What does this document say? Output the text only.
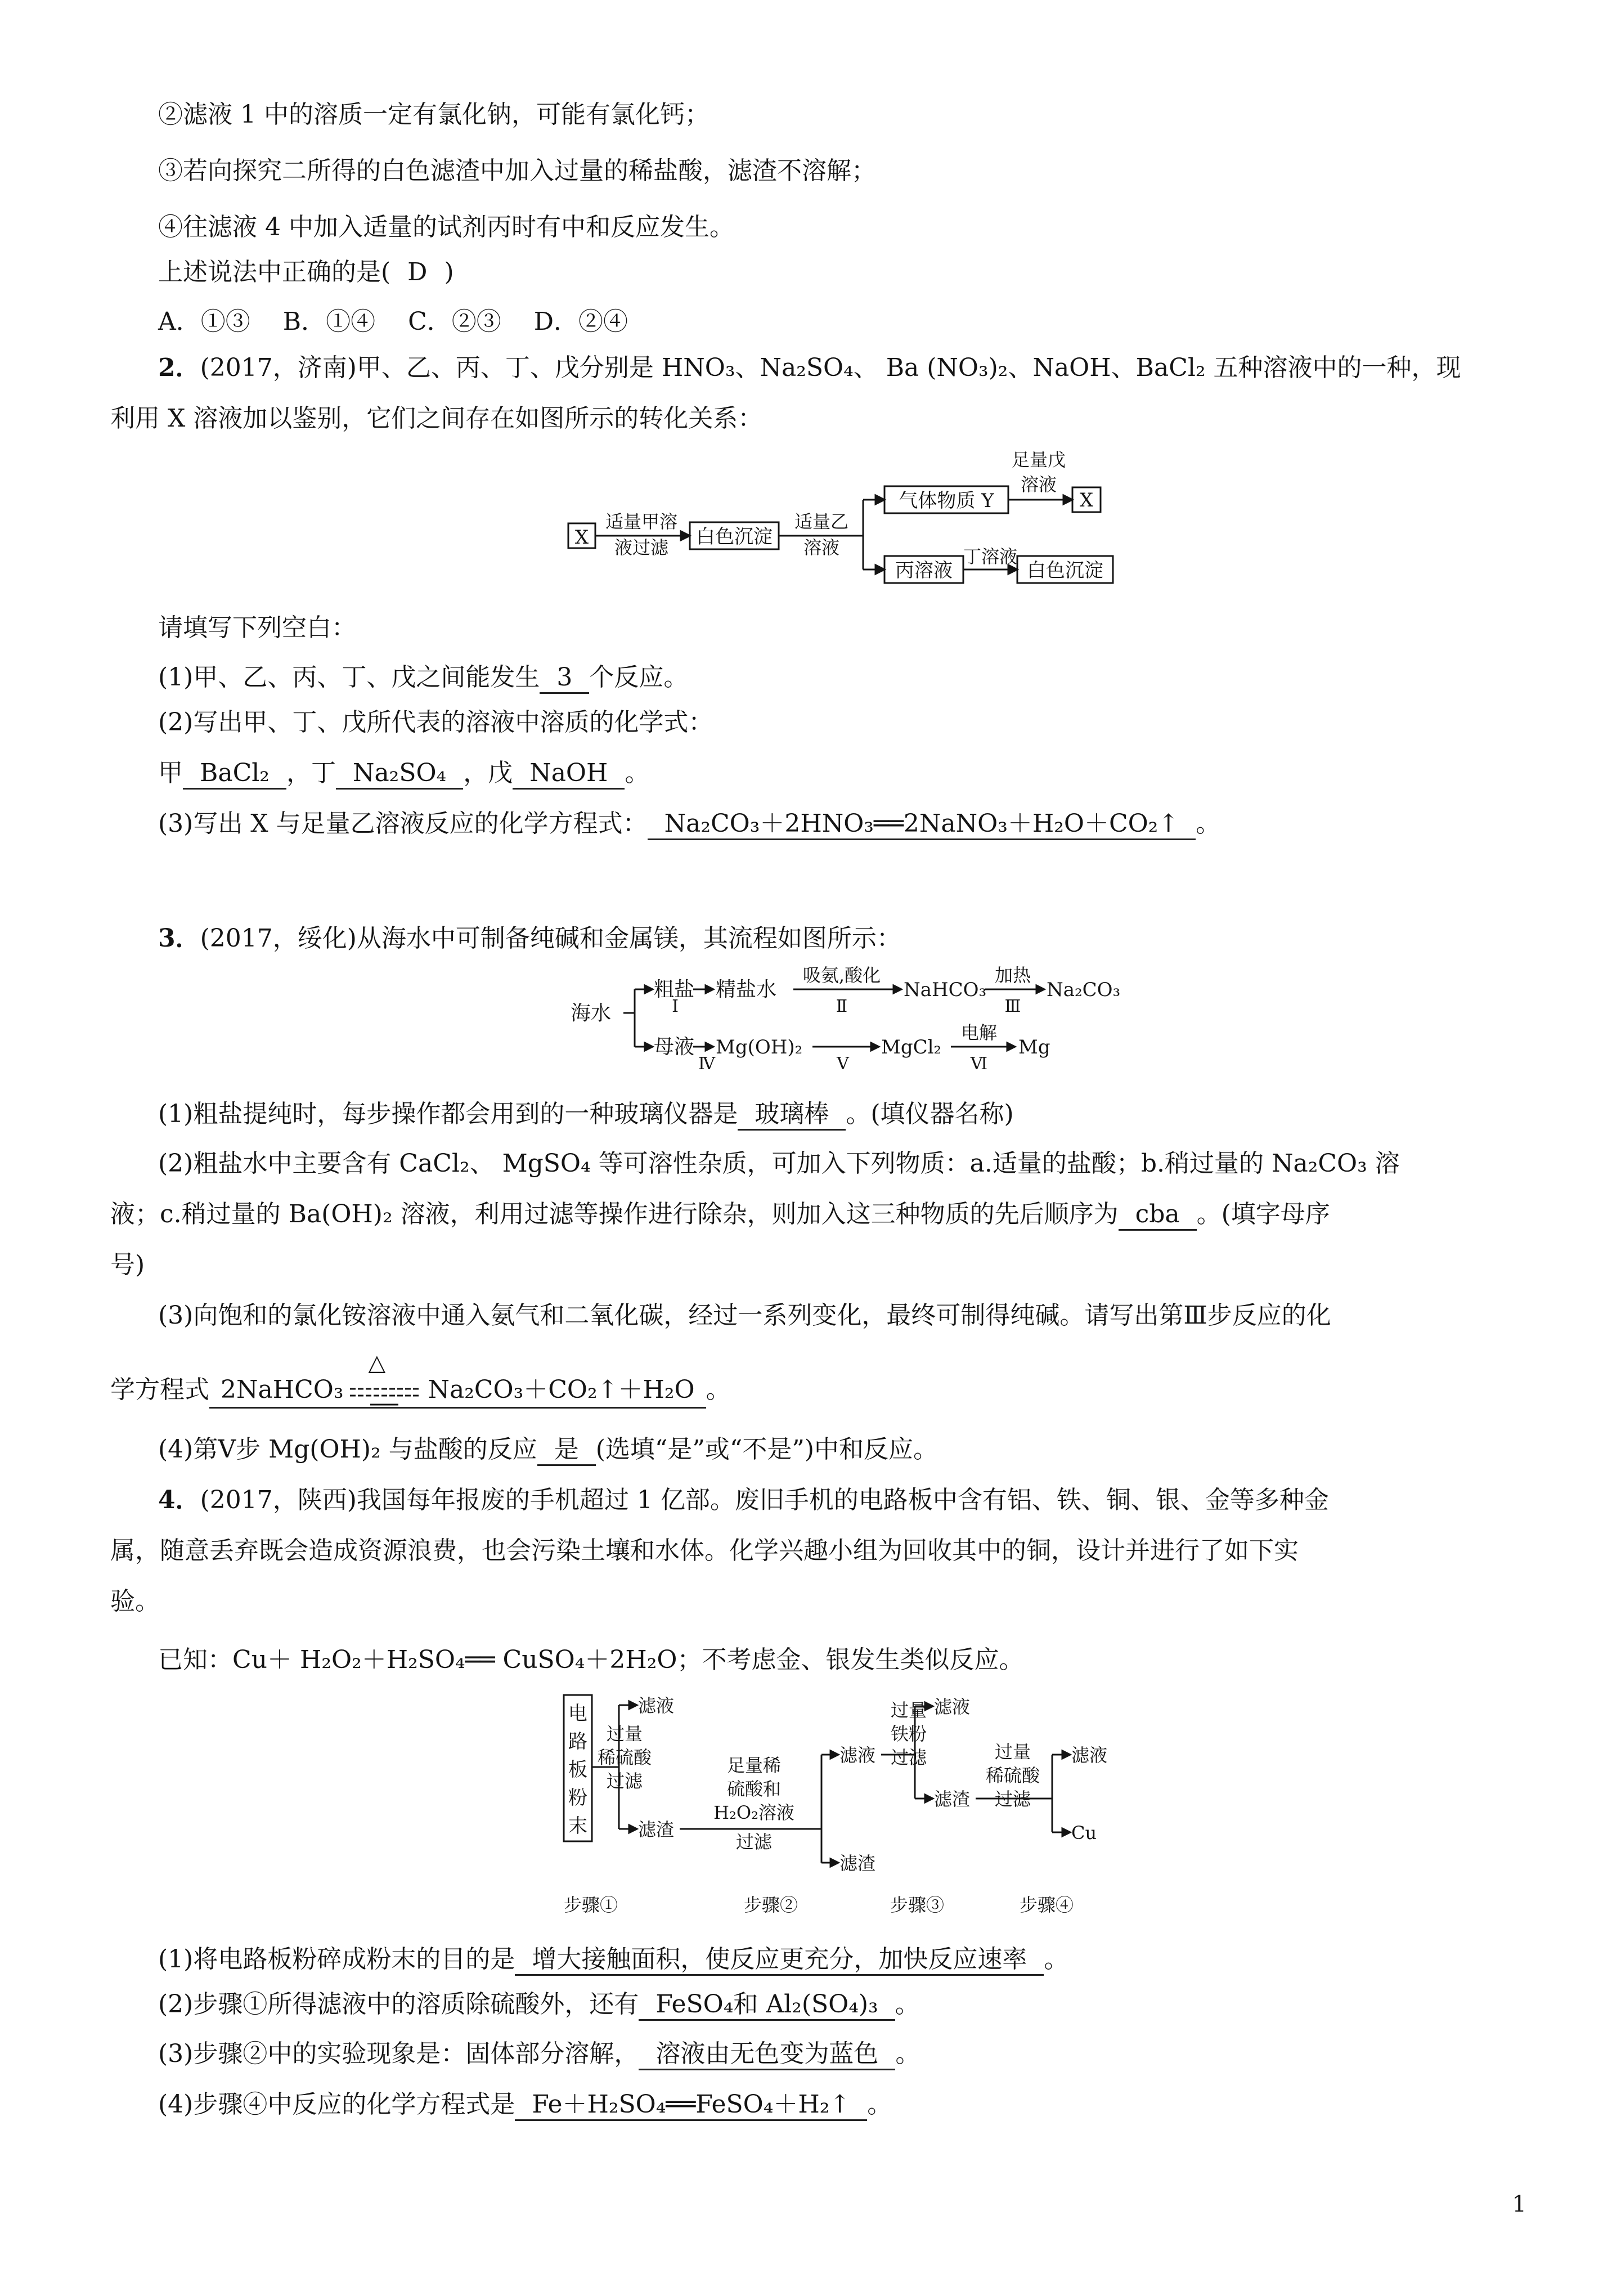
②滤液 1 中的溶质一定有氯化钠，可能有氯化钙；
③若向探究二所得的白色滤渣中加入过量的稀盐酸，滤渣不溶解；
④往滤液 4 中加入适量的试剂丙时有中和反应发生。
上述说法中正确的是( D )
A．①③　 B．①④　 C．②③　 D．②④
2．(2017，济南)甲、乙、丙、丁、戊分别是 HNO₃、Na₂SO₄、 Ba (NO₃)₂、NaOH、BaCl₂ 五种溶液中的一种，现
利用 X 溶液加以鉴别，它们之间存在如图所示的转化关系：
X
适量甲溶
液过滤 白色沉淀
适量乙
溶液
气体物质 Y
足量戊
溶液
X
丙溶液
丁溶液
白色沉淀
请填写下列空白：
(1)甲、乙、丙、丁、戊之间能发生 3 个反应。
(2)写出甲、丁、戊所代表的溶液中溶质的化学式：
甲 BaCl₂ ，丁 Na₂SO₄ ，戊 NaOH 。
(3)写出 X 与足量乙溶液反应的化学方程式： Na₂CO₃＋2HNO₃══2NaNO₃＋H₂O＋CO₂↑ 。
3．(2017，绥化)从海水中可制备纯碱和金属镁，其流程如图所示：
海水
粗盐
Ⅰ
精盐水
吸氨,酸化
Ⅱ
NaHCO₃
加热
Ⅲ
Na₂CO₃
母液
Ⅳ
Mg(OH)₂
Ⅴ
MgCl₂
电解
Ⅵ
Mg
(1)粗盐提纯时，每步操作都会用到的一种玻璃仪器是 玻璃棒 。(填仪器名称)
(2)粗盐水中主要含有 CaCl₂、 MgSO₄ 等可溶性杂质，可加入下列物质：a.适量的盐酸；b.稍过量的 Na₂CO₃ 溶
液；c.稍过量的 Ba(OH)₂ 溶液，利用过滤等操作进行除杂，则加入这三种物质的先后顺序为 cba 。(填字母序
号)
(3)向饱和的氯化铵溶液中通入氨气和二氧化碳，经过一系列变化，最终可制得纯碱。请写出第Ⅲ步反应的化
学方程式 2NaHCO₃
△
Na₂CO₃＋CO₂↑＋H₂O 。
(4)第Ⅴ步 Mg(OH)₂ 与盐酸的反应 是 (选填“是”或“不是”)中和反应。
4．(2017，陕西)我国每年报废的手机超过 1 亿部。废旧手机的电路板中含有铝、铁、铜、银、金等多种金
属，随意丢弃既会造成资源浪费，也会污染土壤和水体。化学兴趣小组为回收其中的铜，设计并进行了如下实
验。
已知：Cu＋ H₂O₂＋H₂SO₄══ CuSO₄＋2H₂O；不考虑金、银发生类似反应。
电
路
板
粉
末
过量
稀硫酸
过滤
滤液
滤渣
足量稀
硫酸和
H₂O₂溶液
过滤
滤液
滤渣
过量
铁粉
过滤
滤液
滤渣
过量
稀硫酸
过滤
滤液
Cu
步骤①	步骤②	步骤③	步骤④
(1)将电路板粉碎成粉末的目的是 增大接触面积，使反应更充分，加快反应速率 。
(2)步骤①所得滤液中的溶质除硫酸外，还有 FeSO₄和 Al₂(SO₄)₃ 。
(3)步骤②中的实验现象是：固体部分溶解， 溶液由无色变为蓝色 。
(4)步骤④中反应的化学方程式是 Fe＋H₂SO₄══FeSO₄＋H₂↑ 。
1
